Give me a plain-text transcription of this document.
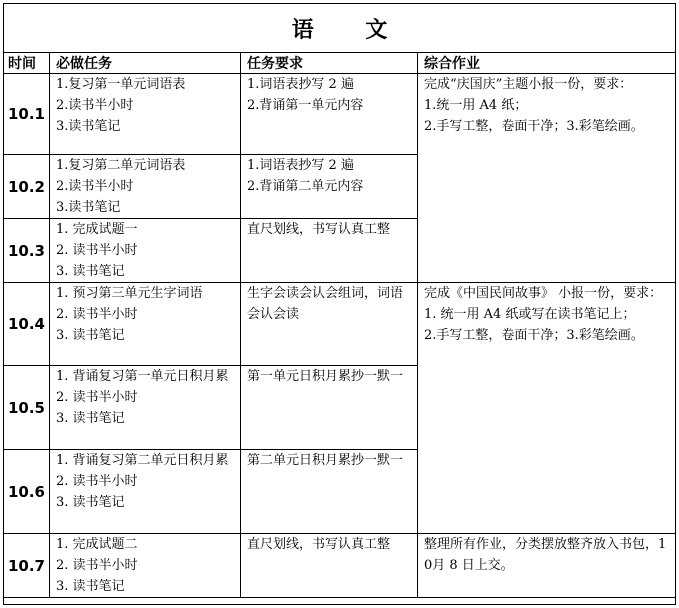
语 文			
时间	必做任务	任务要求	综合作业
10.1	1.复习第一单元词语表
2.读书半小时
3.读书笔记	1.词语表抄写 2 遍
2.背诵第一单元内容	完成“庆国庆”主题小报一份，要求：
1.统一用 A4 纸；
2.手写工整，卷面干净；3.彩笔绘画。

10.2	1.复习第二单元词语表
2.读书半小时
3.读书笔记	1.词语表抄写 2 遍
2.背诵第二单元内容	

10.3	1. 完成试题一
2. 读书半小时
3. 读书笔记	直尺划线，书写认真工整	

10.4	1. 预习第三单元生字词语
2. 读书半小时
3. 读书笔记	生字会读会认会组词，词语会认会读	完成《中国民间故事》 小报一份，要求：
1. 统一用 A4 纸或写在读书笔记上；
2.手写工整，卷面干净；3.彩笔绘画。

10.5	1. 背诵复习第一单元日积月累
2. 读书半小时
3. 读书笔记	第一单元日积月累抄一默一	

10.6	1. 背诵复习第二单元日积月累
2. 读书半小时
3. 读书笔记	第二单元日积月累抄一默一	

10.7	1. 完成试题二
2. 读书半小时
3. 读书笔记	直尺划线，书写认真工整	整理所有作业，分类摆放整齐放入书包，10月 8 日上交。
